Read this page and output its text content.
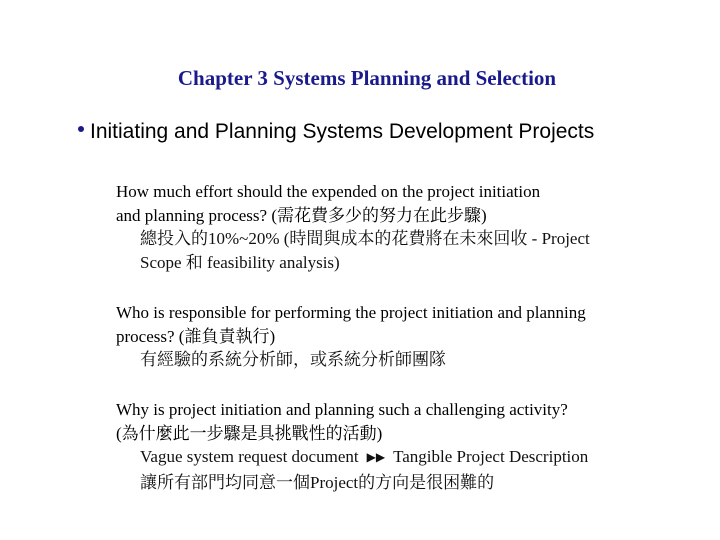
Chapter 3 Systems Planning and Selection
Initiating and Planning Systems Development Projects
How much effort should the expended on the project initiation
and planning process? (需花費多少的努力在此步驟)
總投入的10%~20% (時間與成本的花費將在未來回收 - Project
Scope 和 feasibility analysis)
Who is responsible for performing the project initiation and planning
process? (誰負責執行)
有經驗的系統分析師，或系統分析師團隊
Why is project initiation and planning such a challenging activity?
(為什麼此一步驟是具挑戰性的活動)
Vague system request document ▶▶ Tangible Project Description
讓所有部門均同意一個Project的方向是很困難的
